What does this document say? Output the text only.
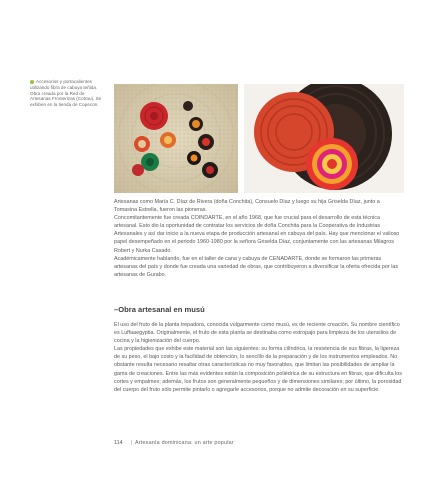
Accesorios y portacalientes utilizando fibra de cabuya teñida. Obra creada por la Red de Artesanas Fronterizas (Cotrau). Se exhiben en la tienda de Copecon.

Artesanas como María C. Díaz de Rivera (doña Conchita), Consuelo Díaz y luego su hija Griselda Díaz, junto a Tomasina Estrella, fueron las pioneras.

Concomitantemente fue creada COINDARTE, en el año 1968, que fue crucial para el desarrollo de esta técnica artesanal. Esto dio la oportunidad de contratar los servicios de doña Conchita para la Cooperativa de Industrias Artesanales y así dar inicio a la nueva etapa de producción artesanal en cabuya del país. Hay que mencionar el valioso papel desempeñado en el periodo 1960-1980 por la señora Griselda Díaz, conjuntamente con las artesanas Milagros Robert y Nurka Casado.

Académicamente hablando, fue en el taller de cana y cabuya de CENADARTE, donde se formaron las primeras artesanas del país y donde fue creada una variedad de obras, que contribuyeron a diversificar la oferta ofrecida por las artesanas de Gurabo.

–Obra artesanal en musú

El uso del fruto de la planta trepadora, conocida vulgarmente como musú, es de reciente creación. Su nombre científico es Luffaaegyptia. Originalmente, el fruto de esta planta se destinaba como estropajo para limpieza de los utensilios de cocina y la higienización del cuerpo.

Las propiedades que exhibe este material son las siguientes: su forma cilíndrica, la resistencia de sus fibras, la ligereza de su peso, el bajo costo y la facilidad de obtención, lo sencillo de la preparación y de los instrumentos empleados. No obstante resulta necesario resaltar otras características no muy favorables, que limitan las posibilidades de ampliar la gama de creaciones. Entre las más evidentes están la composición poliédrica de su estructura en fibras, que dificulta los cortes y empalmes; además, los frutos son generalmente pequeños y de dimensiones similares; por último, la porosidad del cuerpo del fruto sólo permite pintarlo o agregarle accesorios, porque no admite decoración en su superficie.

114 | Artesanía dominicana: un arte popular
